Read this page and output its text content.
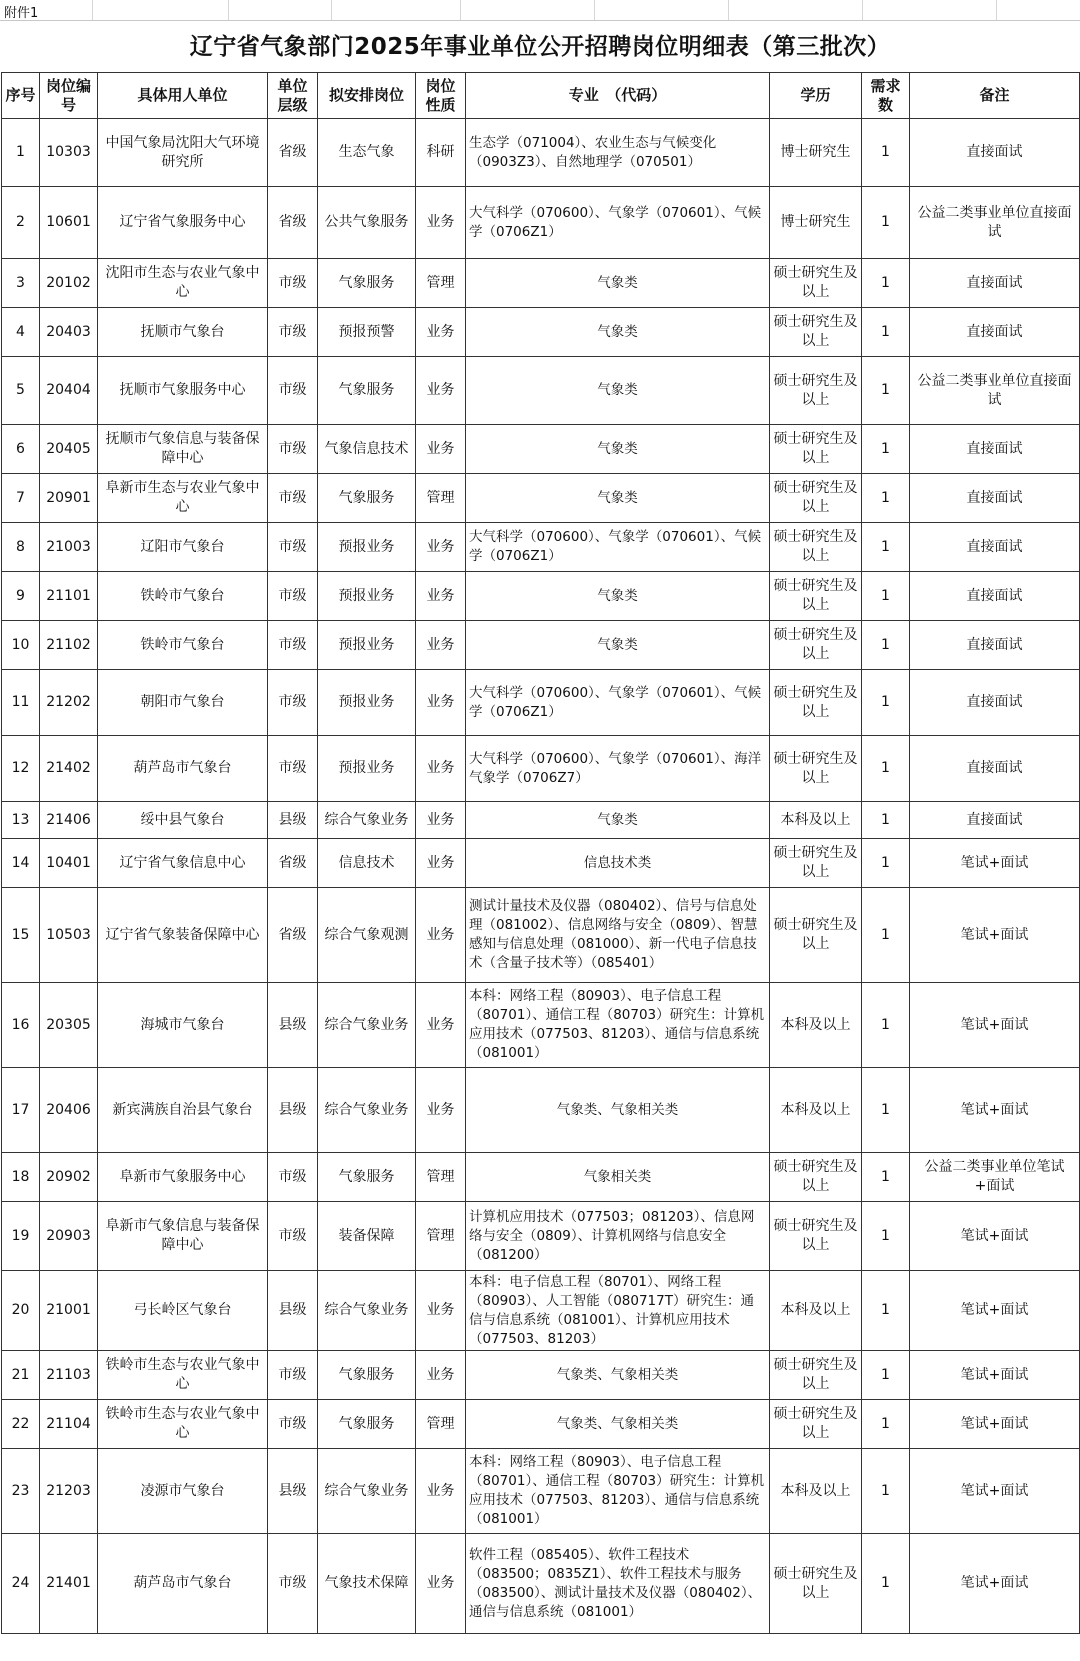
附件1
辽宁省气象部门2025年事业单位公开招聘岗位明细表（第三批次）
序号	岗位编号	具体用人单位	单位层级	拟安排岗位	岗位性质	专业　（代码）	学历	需求数	备注
1	10303	中国气象局沈阳大气环境研究所	省级	生态气象	科研	生态学（071004）、农业生态与气候变化（0903Z3）、自然地理学（070501）	博士研究生	1	直接面试
2	10601	辽宁省气象服务中心	省级	公共气象服务	业务	大气科学（070600）、气象学（070601）、气候学（0706Z1）	博士研究生	1	公益二类事业单位直接面试
3	20102	沈阳市生态与农业气象中心	市级	气象服务	管理	气象类	硕士研究生及以上	1	直接面试
4	20403	抚顺市气象台	市级	预报预警	业务	气象类	硕士研究生及以上	1	直接面试
5	20404	抚顺市气象服务中心	市级	气象服务	业务	气象类	硕士研究生及以上	1	公益二类事业单位直接面试
6	20405	抚顺市气象信息与装备保障中心	市级	气象信息技术	业务	气象类	硕士研究生及以上	1	直接面试
7	20901	阜新市生态与农业气象中心	市级	气象服务	管理	气象类	硕士研究生及以上	1	直接面试
8	21003	辽阳市气象台	市级	预报业务	业务	大气科学（070600）、气象学（070601）、气候学（0706Z1）	硕士研究生及以上	1	直接面试
9	21101	铁岭市气象台	市级	预报业务	业务	气象类	硕士研究生及以上	1	直接面试
10	21102	铁岭市气象台	市级	预报业务	业务	气象类	硕士研究生及以上	1	直接面试
11	21202	朝阳市气象台	市级	预报业务	业务	大气科学（070600）、气象学（070601）、气候学（0706Z1）	硕士研究生及以上	1	直接面试
12	21402	葫芦岛市气象台	市级	预报业务	业务	大气科学（070600）、气象学（070601）、海洋气象学（0706Z7）	硕士研究生及以上	1	直接面试
13	21406	绥中县气象台	县级	综合气象业务	业务	气象类	本科及以上	1	直接面试
14	10401	辽宁省气象信息中心	省级	信息技术	业务	信息技术类	硕士研究生及以上	1	笔试+面试
15	10503	辽宁省气象装备保障中心	省级	综合气象观测	业务	测试计量技术及仪器（080402）、信号与信息处理（081002）、信息网络与安全（0809）、智慧感知与信息处理（081000）、新一代电子信息技术（含量子技术等）（085401）	硕士研究生及以上	1	笔试+面试
16	20305	海城市气象台	县级	综合气象业务	业务	本科：网络工程（80903）、电子信息工程（80701）、通信工程（80703）研究生：计算机应用技术（077503、81203）、通信与信息系统（081001）	本科及以上	1	笔试+面试
17	20406	新宾满族自治县气象台	县级	综合气象业务	业务	气象类、气象相关类	本科及以上	1	笔试+面试
18	20902	阜新市气象服务中心	市级	气象服务	管理	气象相关类	硕士研究生及以上	1	公益二类事业单位笔试+面试
19	20903	阜新市气象信息与装备保障中心	市级	装备保障	管理	计算机应用技术（077503；081203）、信息网络与安全（0809）、计算机网络与信息安全（081200）	硕士研究生及以上	1	笔试+面试
20	21001	弓长岭区气象台	县级	综合气象业务	业务	本科：电子信息工程（80701）、网络工程（80903）、人工智能（080717T）研究生：通信与信息系统（081001）、计算机应用技术（077503、81203）	本科及以上	1	笔试+面试
21	21103	铁岭市生态与农业气象中心	市级	气象服务	业务	气象类、气象相关类	硕士研究生及以上	1	笔试+面试
22	21104	铁岭市生态与农业气象中心	市级	气象服务	管理	气象类、气象相关类	硕士研究生及以上	1	笔试+面试
23	21203	凌源市气象台	县级	综合气象业务	业务	本科：网络工程（80903）、电子信息工程（80701）、通信工程（80703）研究生：计算机应用技术（077503、81203）、通信与信息系统（081001）	本科及以上	1	笔试+面试
24	21401	葫芦岛市气象台	市级	气象技术保障	业务	软件工程（085405）、软件工程技术（083500；0835Z1）、软件工程技术与服务（083500）、测试计量技术及仪器（080402）、通信与信息系统（081001）	硕士研究生及以上	1	笔试+面试
